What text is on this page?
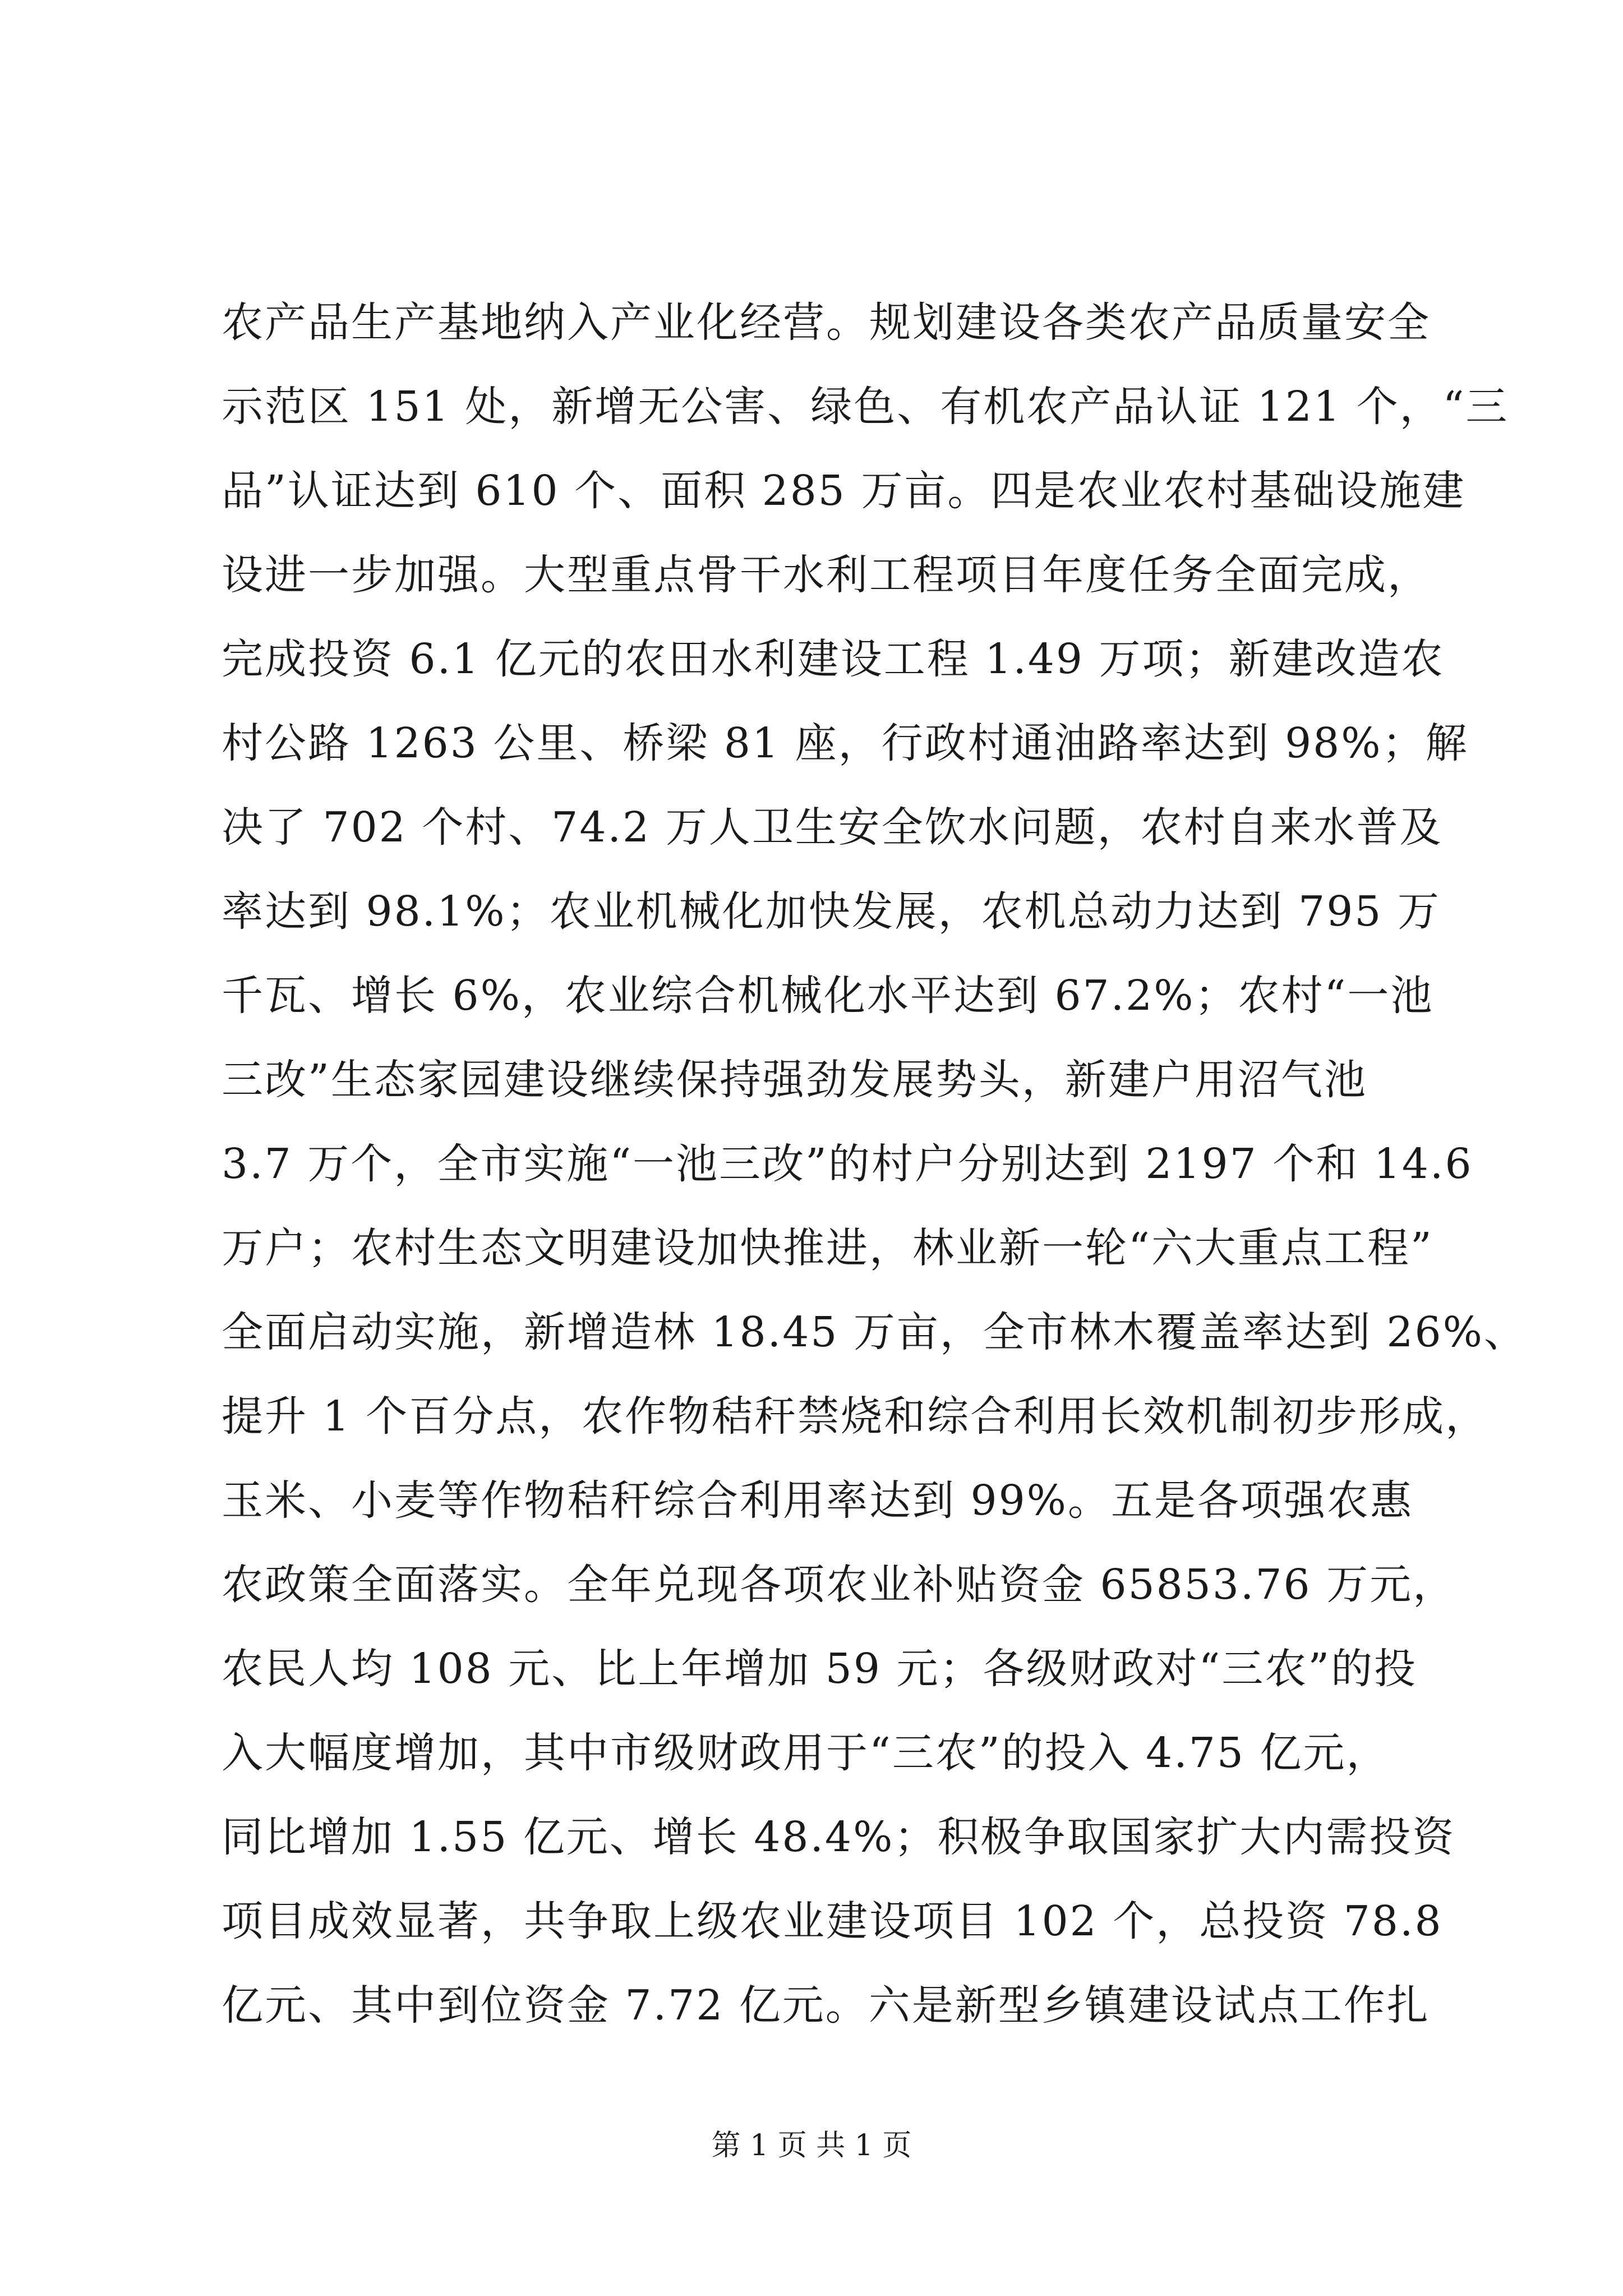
农产品生产基地纳入产业化经营。规划建设各类农产品质量安全
示范区 151 处，新增无公害、绿色、有机农产品认证 121 个，“三
品”认证达到 610 个、面积 285 万亩。四是农业农村基础设施建
设进一步加强。大型重点骨干水利工程项目年度任务全面完成，
完成投资 6.1 亿元的农田水利建设工程 1.49 万项；新建改造农
村公路 1263 公里、桥梁 81 座，行政村通油路率达到 98%；解
决了 702 个村、74.2 万人卫生安全饮水问题，农村自来水普及
率达到 98.1%；农业机械化加快发展，农机总动力达到 795 万
千瓦、增长 6%，农业综合机械化水平达到 67.2%；农村“一池
三改”生态家园建设继续保持强劲发展势头，新建户用沼气池
3.7 万个，全市实施“一池三改”的村户分别达到 2197 个和 14.6
万户；农村生态文明建设加快推进，林业新一轮“六大重点工程”
全面启动实施，新增造林 18.45 万亩，全市林木覆盖率达到 26%、
提升 1 个百分点，农作物秸秆禁烧和综合利用长效机制初步形成，
玉米、小麦等作物秸秆综合利用率达到 99%。五是各项强农惠
农政策全面落实。全年兑现各项农业补贴资金 65853.76 万元，
农民人均 108 元、比上年增加 59 元；各级财政对“三农”的投
入大幅度增加，其中市级财政用于“三农”的投入 4.75 亿元，
同比增加 1.55 亿元、增长 48.4%；积极争取国家扩大内需投资
项目成效显著，共争取上级农业建设项目 102 个，总投资 78.8
亿元、其中到位资金 7.72 亿元。六是新型乡镇建设试点工作扎
第 1 页 共 1 页
